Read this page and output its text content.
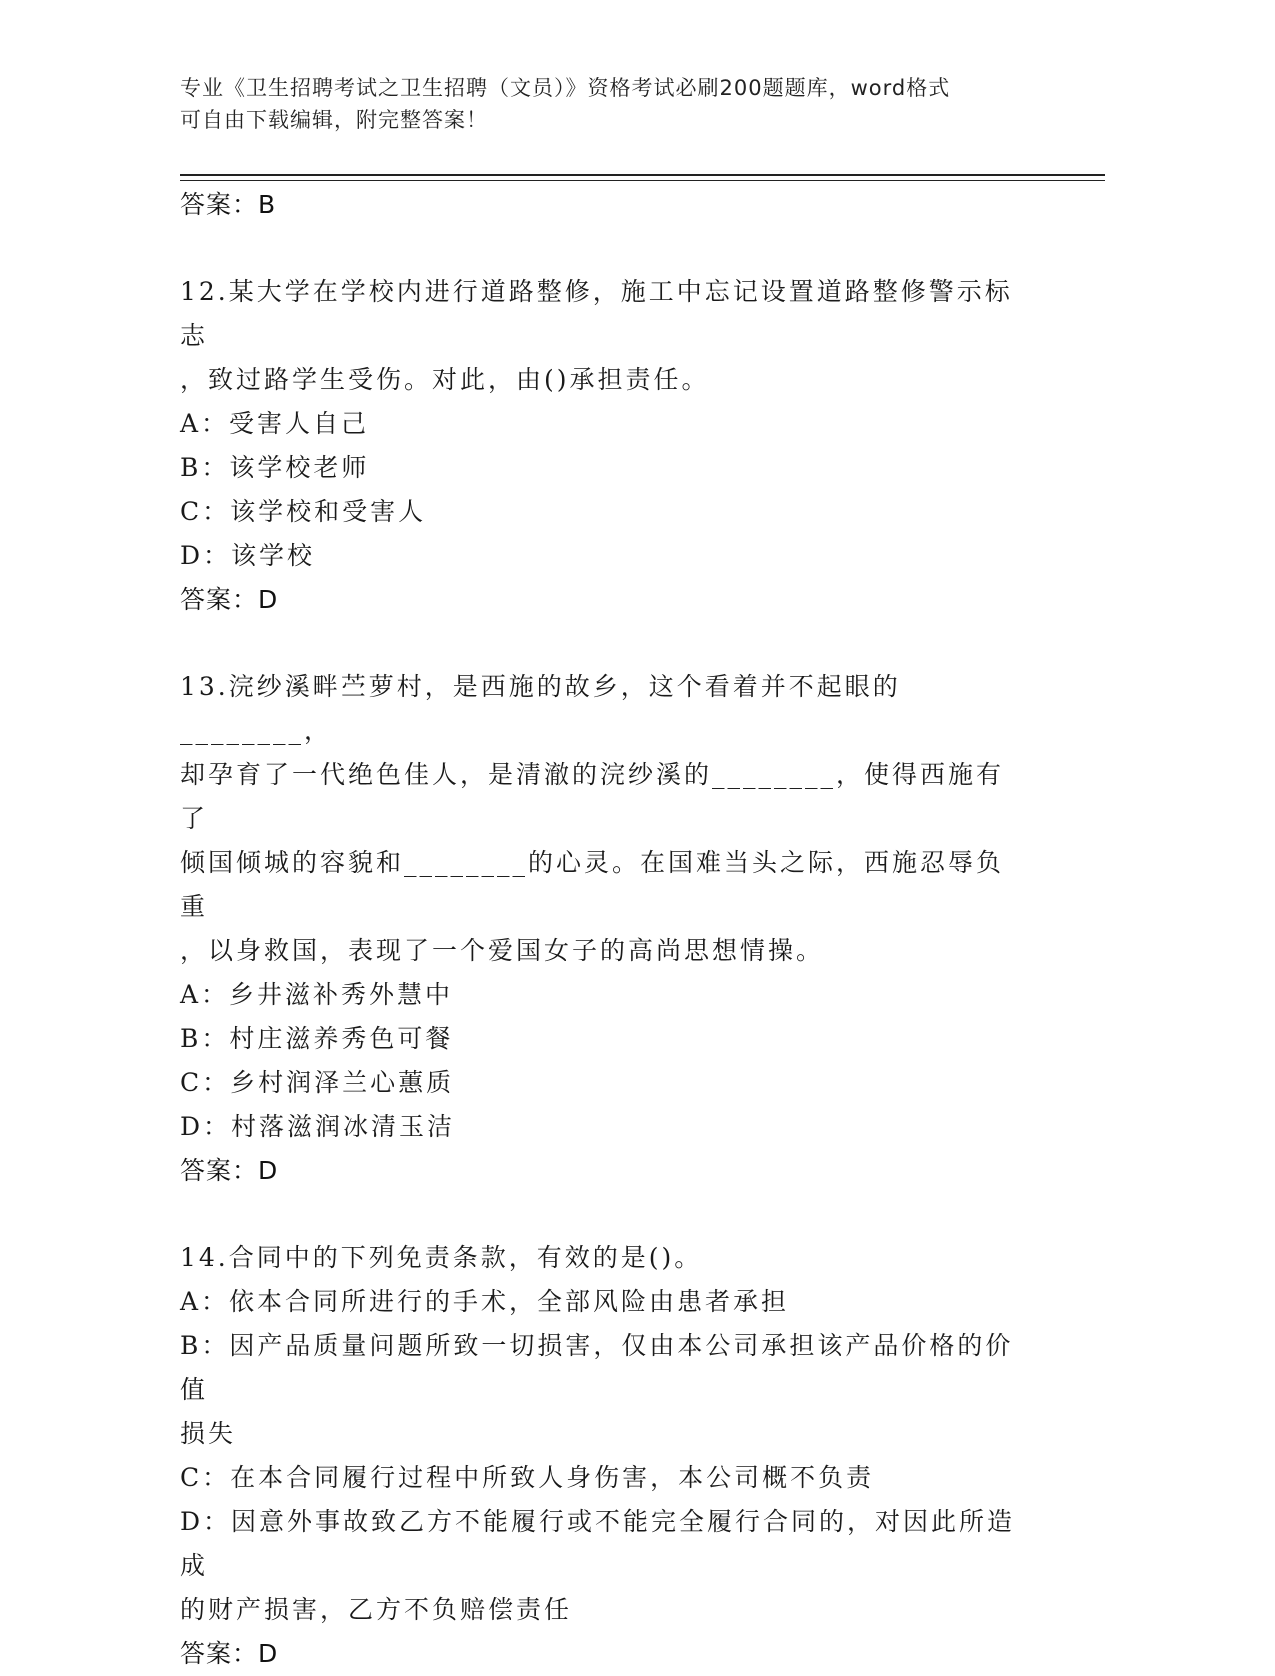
专业《卫生招聘考试之卫生招聘（文员）》资格考试必刷200题题库，word格式
可自由下载编辑，附完整答案！
答案：B
12.某大学在学校内进行道路整修，施工中忘记设置道路整修警示标志
，致过路学生受伤。对此，由()承担责任。
A：受害人自己
B：该学校老师
C：该学校和受害人
D：该学校
答案：D
13.浣纱溪畔苎萝村，是西施的故乡，这个看着并不起眼的________，
却孕育了一代绝色佳人，是清澈的浣纱溪的________，使得西施有了
倾国倾城的容貌和________的心灵。在国难当头之际，西施忍辱负重
，以身救国，表现了一个爱国女子的高尚思想情操。
A：乡井滋补秀外慧中
B：村庄滋养秀色可餐
C：乡村润泽兰心蕙质
D：村落滋润冰清玉洁
答案：D
14.合同中的下列免责条款，有效的是()。
A：依本合同所进行的手术，全部风险由患者承担
B：因产品质量问题所致一切损害，仅由本公司承担该产品价格的价值
损失
C：在本合同履行过程中所致人身伤害，本公司概不负责
D：因意外事故致乙方不能履行或不能完全履行合同的，对因此所造成
的财产损害，乙方不负赔偿责任
答案：D
